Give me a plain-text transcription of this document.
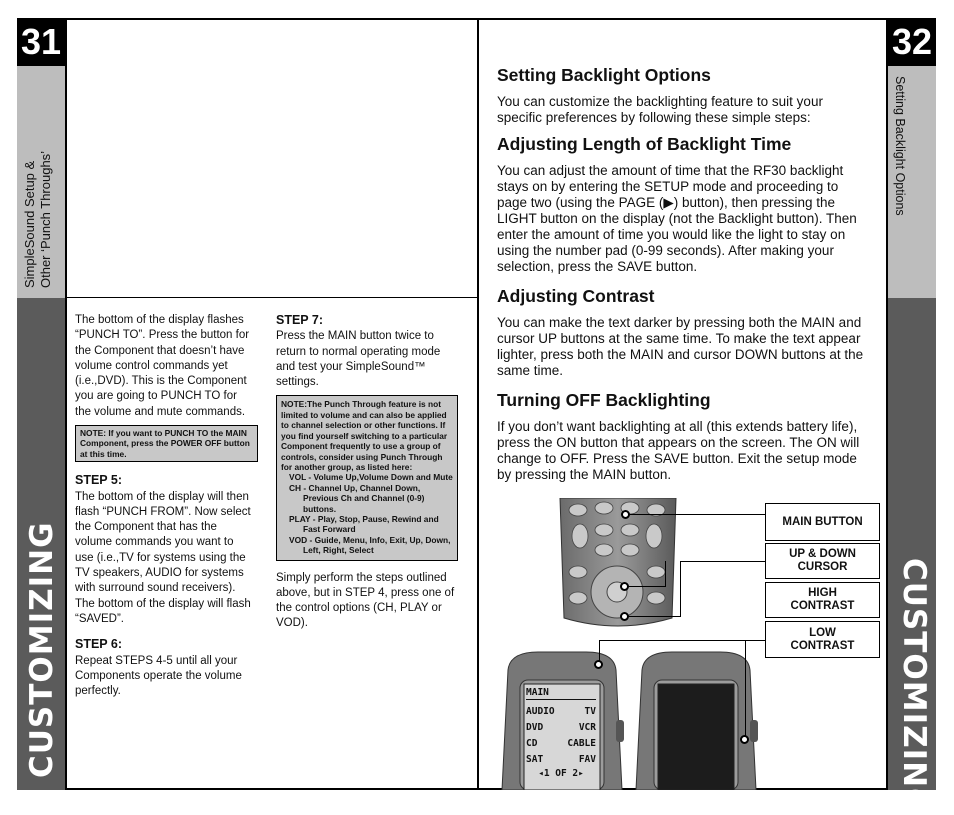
31
SimpleSound Setup & Other ‘Punch Throughs’
CUSTOMIZING
The bottom of the display flashes “PUNCH TO”. Press the button for the Component that doesn’t have volume control commands yet (i.e.,DVD). This is the Component you are going to PUNCH TO for the volume and mute commands.
NOTE: If you want to PUNCH TO the MAIN Component, press the POWER OFF button at this time.

STEP 5:

The bottom of the display will then flash “PUNCH FROM”. Now select the Component that has the volume commands you want to use (i.e.,TV for systems using the TV speakers, AUDIO for systems with surround sound receivers). The bottom of the display will flash “SAVED”.

STEP 6:

Repeat STEPS 4-5 until all your Components operate the volume perfectly.

STEP 7:

Press the MAIN button twice to return to normal operating mode and test your SimpleSound™ settings.
NOTE:The Punch Through feature is not limited to volume and can also be applied to channel selection or other functions. If you find yourself switching to a particular Component frequently to use a group of controls, consider using Punch Through for another group, as listed here:
VOL - Volume Up,Volume Down and Mute
CH - Channel Up, Channel Down, Previous Ch and Channel (0-9) buttons.
PLAY - Play, Stop, Pause, Rewind and Fast Forward
VOD - Guide, Menu, Info, Exit, Up, Down, Left, Right, Select
Simply perform the steps outlined above, but in STEP 4, press one of the control options (CH, PLAY or VOD).
32
Setting Backlight Options
CUSTOMIZING
Setting Backlight Options
You can customize the backlighting feature to suit your specific preferences by following these simple steps:
Adjusting Length of Backlight Time
You can adjust the amount of time that the RF30 backlight stays on by entering the SETUP mode and proceeding to page two (using the PAGE (▶) button), then pressing the LIGHT button on the display (not the Backlight button). Then enter the amount of time you would like the light to stay on using the number pad (0-99 seconds). After making your selection, press the SAVE button.
Adjusting Contrast
You can make the text darker by pressing both the MAIN and cursor UP buttons at the same time. To make the text appear lighter, press both the MAIN and cursor DOWN buttons at the same time.
Turning OFF Backlighting
If you don’t want backlighting at all (this extends battery life), press the ON button that appears on the screen. The ON will change to OFF. Press the SAVE button. Exit the setup mode by pressing the MAIN button.
MAIN
AUDIO	TV
DVD	VCR
CD	CABLE
SAT	FAV
◂1 OF 2▸
MAIN BUTTON
UP & DOWN CURSOR
HIGH CONTRAST
LOW CONTRAST
